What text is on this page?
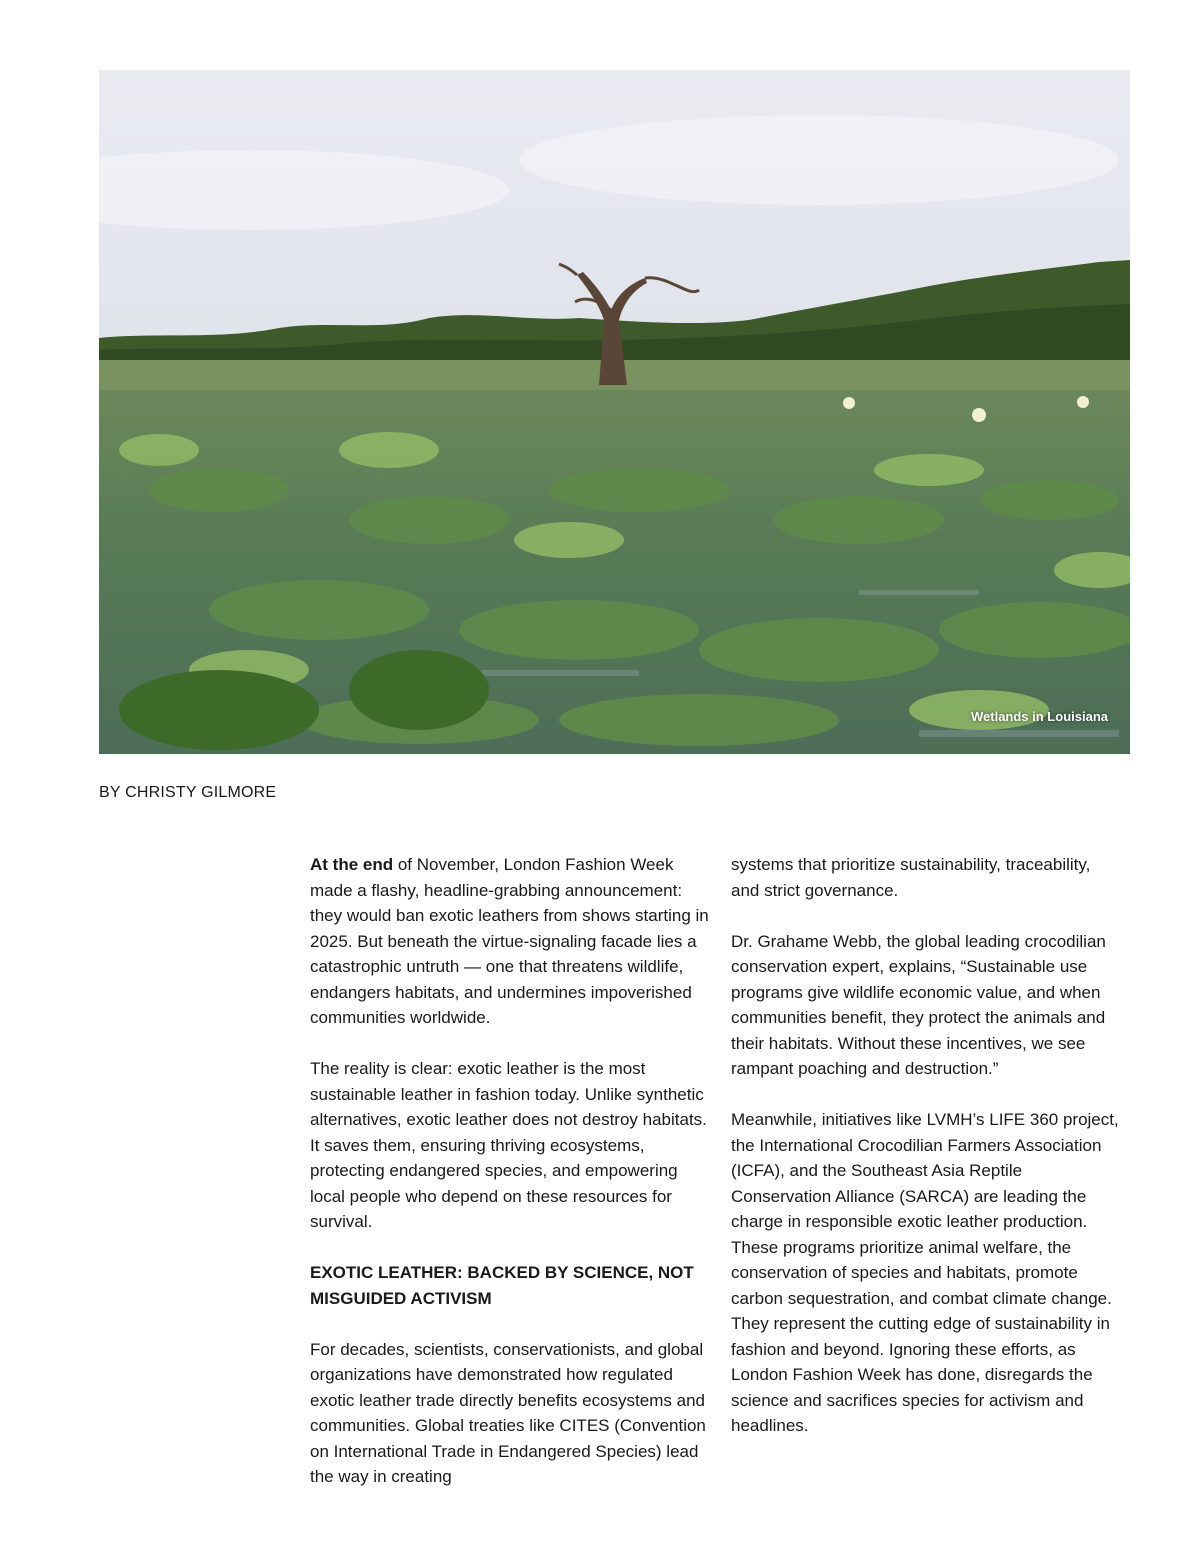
Wetlands in Louisiana
BY CHRISTY GILMORE

At the end of November, London Fashion Week made a flashy, headline-grabbing announcement: they would ban exotic leathers from shows starting in 2025. But beneath the virtue-signaling facade lies a catastrophic untruth — one that threatens wildlife, endangers habitats, and undermines impoverished communities worldwide.

The reality is clear: exotic leather is the most sustainable leather in fashion today. Unlike synthetic alternatives, exotic leather does not destroy habitats. It saves them, ensuring thriving ecosystems, protecting endangered species, and empowering local people who depend on these resources for survival.

EXOTIC LEATHER: BACKED BY SCIENCE, NOT MISGUIDED ACTIVISM

For decades, scientists, conservationists, and global organizations have demonstrated how regulated exotic leather trade directly benefits ecosystems and communities. Global treaties like CITES (Convention on International Trade in Endangered Species) lead the way in creating

systems that prioritize sustainability, traceability, and strict governance.

Dr. Grahame Webb, the global leading crocodilian conservation expert, explains, “Sustainable use programs give wildlife economic value, and when communities benefit, they protect the animals and their habitats. Without these incentives, we see rampant poaching and destruction.”

Meanwhile, initiatives like LVMH’s LIFE 360 project, the International Crocodilian Farmers Association (ICFA), and the Southeast Asia Reptile Conservation Alliance (SARCA) are leading the charge in responsible exotic leather production. These programs prioritize animal welfare, the conservation of species and habitats, promote carbon sequestration, and combat climate change. They represent the cutting edge of sustainability in fashion and beyond. Ignoring these efforts, as London Fashion Week has done, disregards the science and sacrifices species for activism and headlines.
